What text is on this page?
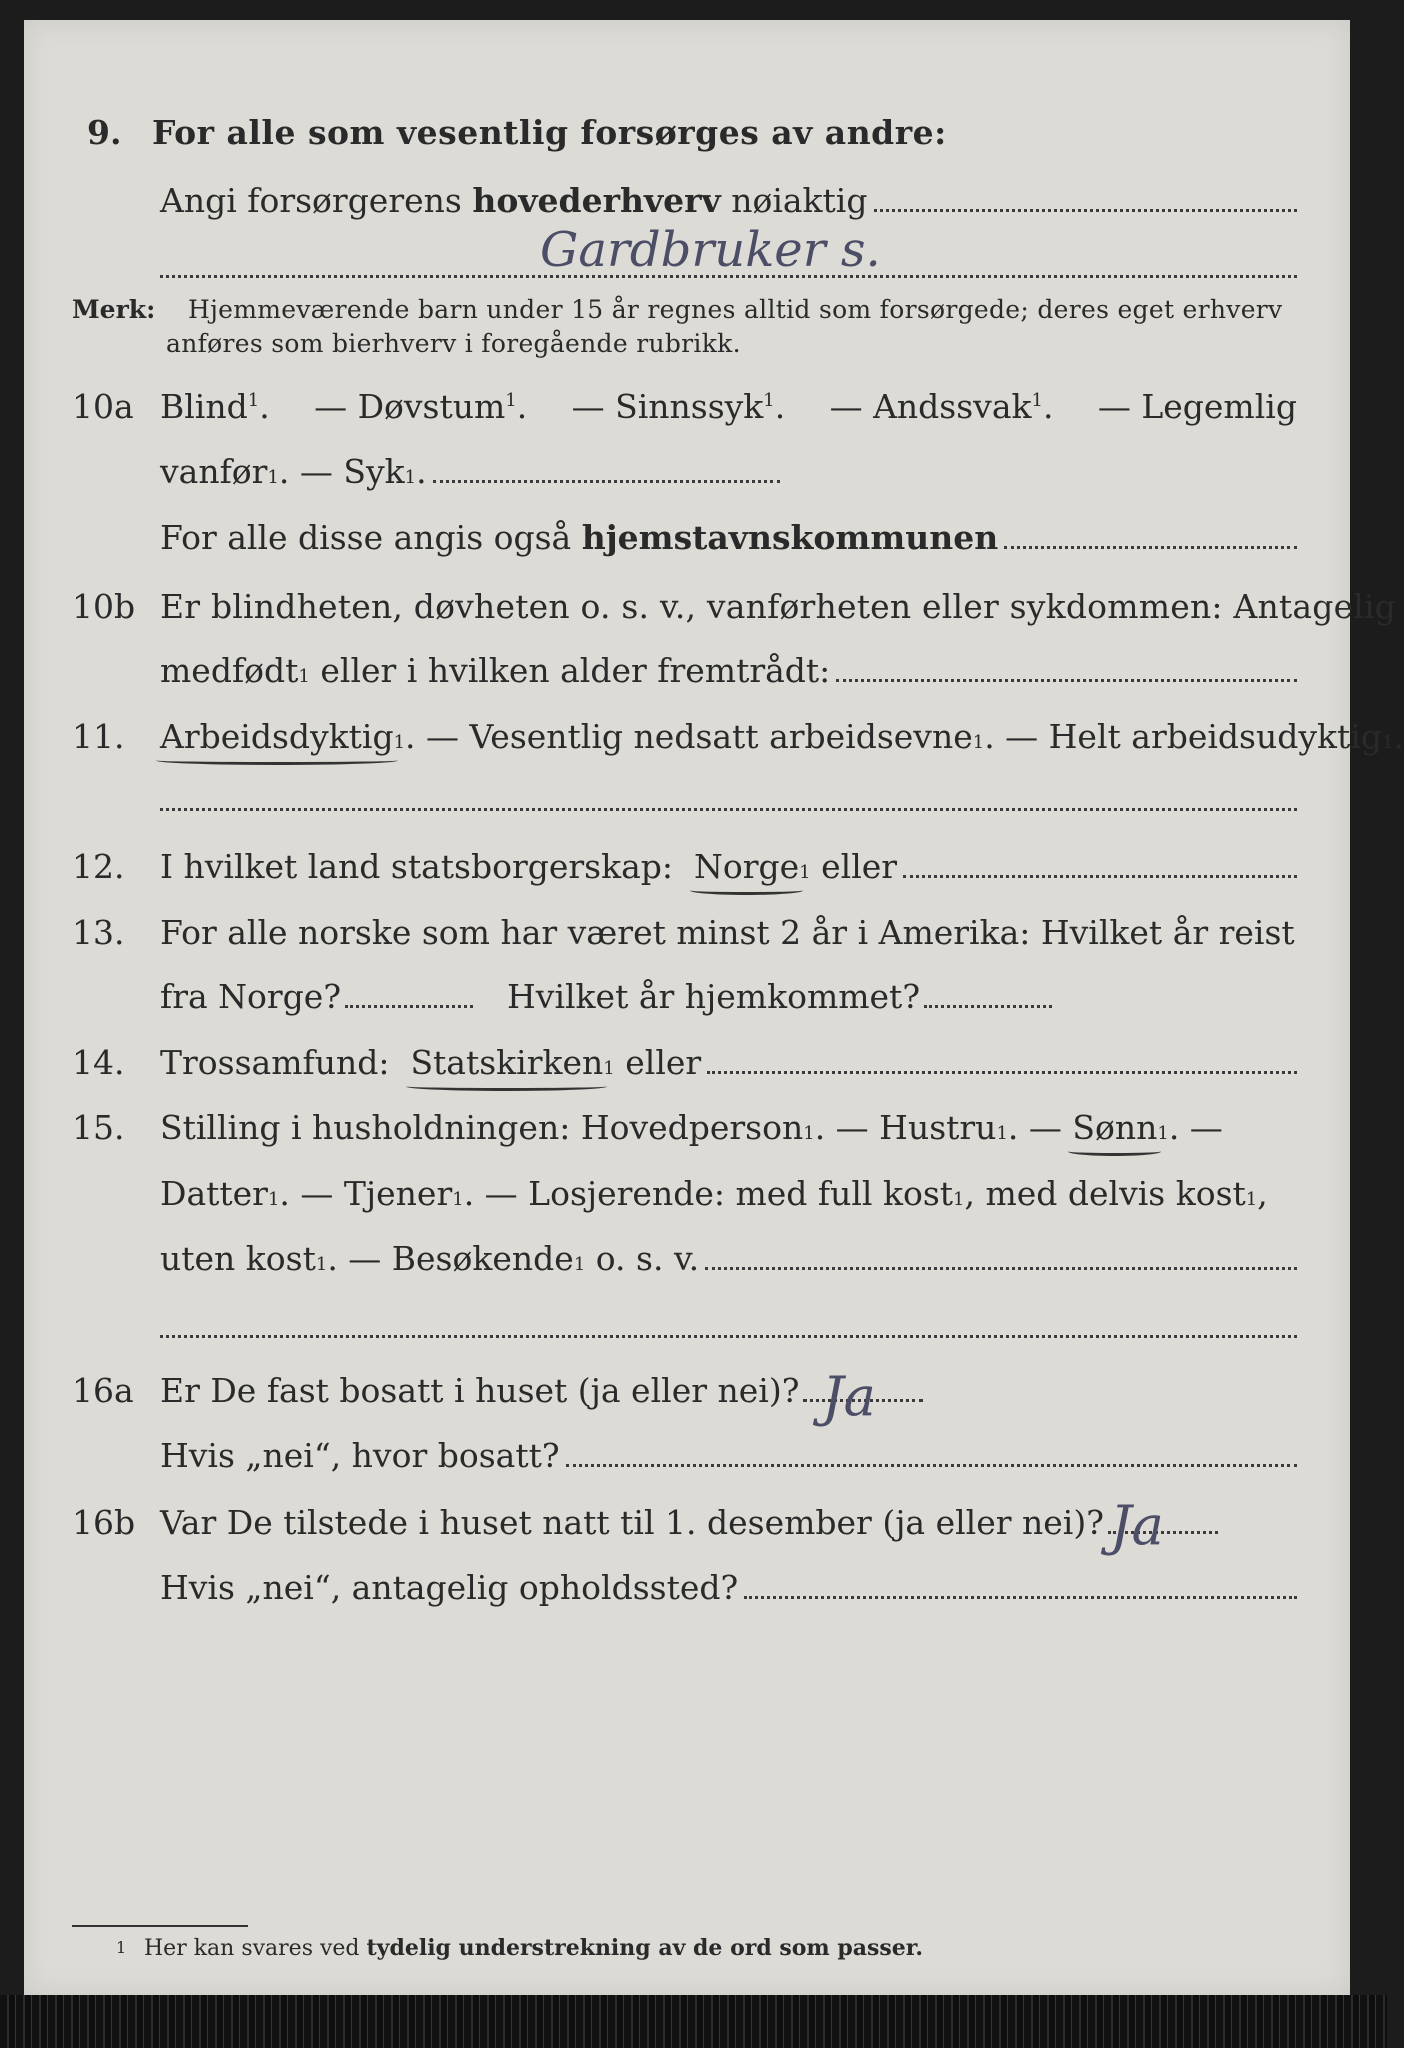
9. For alle som vesentlig forsørges av andre:
Angi forsørgerens
hovederhverv
nøiaktig
Gardbruker s.
Merk: Hjemmeværende barn under 15 år regnes alltid som forsørgede; deres eget erhverv
anføres som bierhverv i foregående rubrikk.
10a Blind$^1$. — Døvstum$^1$. — Sinnssyk$^1$. — Andssvak$^1$. — Legemlig
vanfør 1 . — Syk 1 .
For alle disse angis også
hjemstavnskommunen
10b Er blindheten, døvheten o. s. v., vanførheten eller sykdommen: Antagelig
medfødt 1
eller i hvilken alder fremtrådt:
11. Arbeidsdyktig 1 . — Vesentlig nedsatt arbeidsevne 1 . — Helt arbeidsudyktig 1 .
12. I hvilket land statsborgerskap:
Norge 1
eller
13. For alle norske som har været minst 2 år i Amerika: Hvilket år reist
fra Norge?	Hvilket år hjemkommet?
14. Trossamfund:
Statskirken 1
eller
15. Stilling i husholdningen: Hovedperson 1 . — Hustru 1 . —
Sønn 1 . —
Datter 1 . — Tjener 1 . — Losjerende: med full kost 1 , med delvis kost 1 ,
uten kost 1 . — Besøkende 1
o. s. v.
16a Er De fast bosatt i huset (ja eller nei)? Ja
Hvis „nei“, hvor bosatt?
16b Var De tilstede i huset natt til 1. desember (ja eller nei)? Ja
Hvis „nei“, antagelig opholdssted?
1 Her kan svares ved
tydelig understrekning av de ord som passer.
